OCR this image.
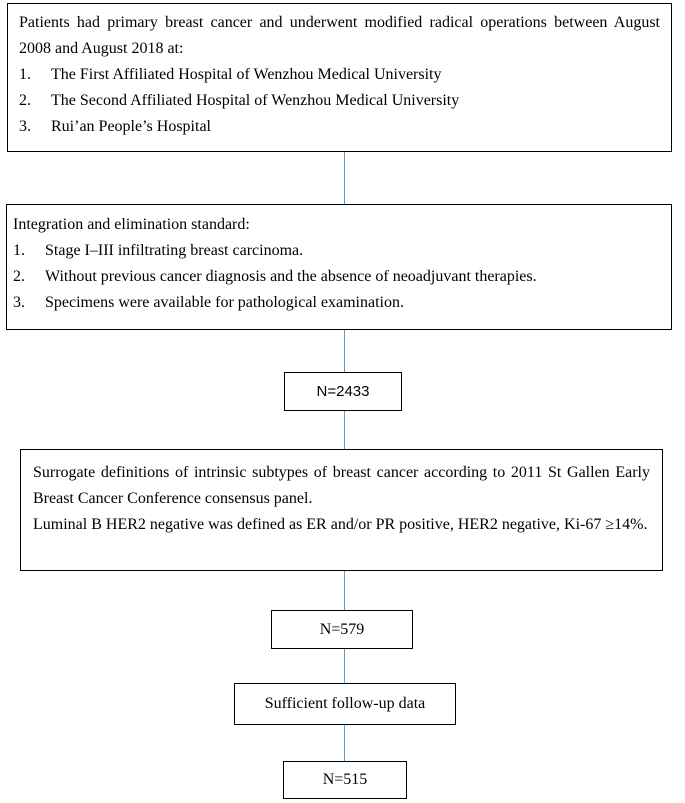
Patients had primary breast cancer and underwent modified radical operations between August 2008 and August 2018 at:
1. The First Affiliated Hospital of Wenzhou Medical University
2. The Second Affiliated Hospital of Wenzhou Medical University
3. Rui’an People’s Hospital
Integration and elimination standard:
1. Stage I–III infiltrating breast carcinoma.
2. Without previous cancer diagnosis and the absence of neoadjuvant therapies.
3. Specimens were available for pathological examination.
N=2433
Surrogate definitions of intrinsic subtypes of breast cancer according to 2011 St Gallen Early Breast Cancer Conference consensus panel.
Luminal B HER2 negative was defined as ER and/or PR positive, HER2 negative, Ki-67 ≥14%.
N=579
Sufficient follow-up data
N=515
